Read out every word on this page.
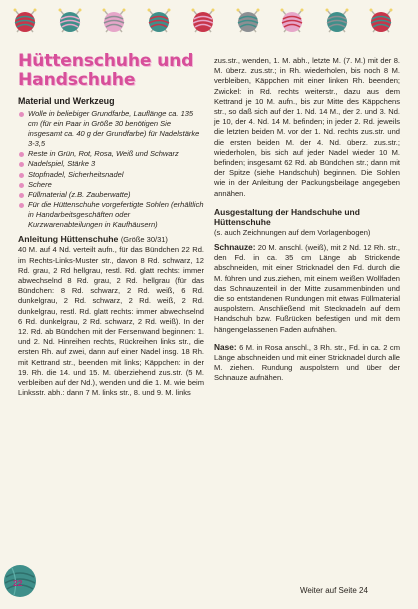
Hüttenschuhe und
Handschuhe
Material und Werkzeug
Wolle in beliebiger Grundfarbe, Lauflänge ca. 135 cm (für ein Paar in Größe 30 benötigen Sie insgesamt ca. 40 g der Grundfarbe) für Nadelstärke 3-3,5
Reste in Grün, Rot, Rosa, Weiß und Schwarz
Nadelspiel, Stärke 3
Stopfnadel, Sicherheitsnadel
Schere
Füllmaterial (z.B. Zauberwatte)
Für die Hüttenschuhe vorgefertigte Sohlen (erhältlich in Handarbeitsgeschäften oder Kurzwarenabteilungen in Kaufhäusern)
Anleitung Hüttenschuhe (Größe 30/31)

40 M. auf 4 Nd. verteilt aufn., für das Bündchen 22 Rd. im Rechts-Links-Muster str., davon 8 Rd. schwarz, 12 Rd. grau, 2 Rd hellgrau, restl. Rd. glatt rechts: immer abwechselnd 8 Rd. grau, 2 Rd. hellgrau (für das Bündchen: 8 Rd. schwarz, 2 Rd. weiß, 6 Rd. dunkelgrau, 2 Rd. schwarz, 2 Rd. weiß, 2 Rd. dunkelgrau, restl. Rd. glatt rechts: immer abwechselnd 6 Rd. dunkelgrau, 2 Rd. schwarz, 2 Rd. weiß). In der 12. Rd. ab Bündchen mit der Fersenwand beginnen: 1. und 2. Nd. Hinreihen rechts, Rückreihen links str., die ersten Rh. auf zwei, dann auf einer Nadel insg. 18 Rh. mit Kettrand str., beenden mit links; Käppchen: in der 19. Rh. die 14. und 15. M. überziehend zus.str. (5 M. verbleiben auf der Nd.), wenden und die 1. M. wie beim Linksstr. abh.: dann 7 M. links str., 8. und 9. M. links

zus.str., wenden, 1. M. abh., letzte M. (7. M.) mit der 8. M. überz. zus.str.; in Rh. wiederholen, bis noch 8 M. verbleiben, Käppchen mit einer linken Rh. beenden; Zwickel: in Rd. rechts weiterstr., dazu aus dem Kettrand je 10 M. aufn., bis zur Mitte des Käppchens str., so daß sich auf der 1. Nd. 14 M., der 2. und 3. Nd. je 10, der 4. Nd. 14 M. befinden; in jeder 2. Rd. jeweils die letzten beiden M. vor der 1. Nd. rechts zus.str. und die ersten beiden M. der 4. Nd. überz. zus.str.; wiederholen, bis sich auf jeder Nadel wieder 10 M. befinden; insgesamt 62 Rd. ab Bündchen str.; dann mit der Spitze (siehe Handschuh) beginnen. Die Sohlen wie in der Anleitung der Packungsbeilage angegeben annähen.

Ausgestaltung der Handschuhe und Hüttenschuhe
(s. auch Zeichnungen auf dem Vorlagenbogen)

Schnauze: 20 M. anschl. (weiß), mit 2 Nd. 12 Rh. str., den Fd. in ca. 35 cm Länge ab Strickende abschneiden, mit einer Stricknadel den Fd. durch die M. führen und zus.ziehen, mit einem weißen Wollfaden das Schnauzenteil in der Mitte zusammenbinden und die so entstandenen Rundungen mit etwas Füllmaterial auspolstern. Anschließend mit Stecknadeln auf dem Handschuh bzw. Fußrücken befestigen und mit dem hängengelassenen Faden aufnähen.

Nase: 6 M. in Rosa anschl., 3 Rh. str., Fd. in ca. 2 cm Länge abschneiden und mit einer Stricknadel durch alle M. ziehen. Rundung auspolstern und über der Schnauze aufnähen.

Weiter auf Seite 24
22
